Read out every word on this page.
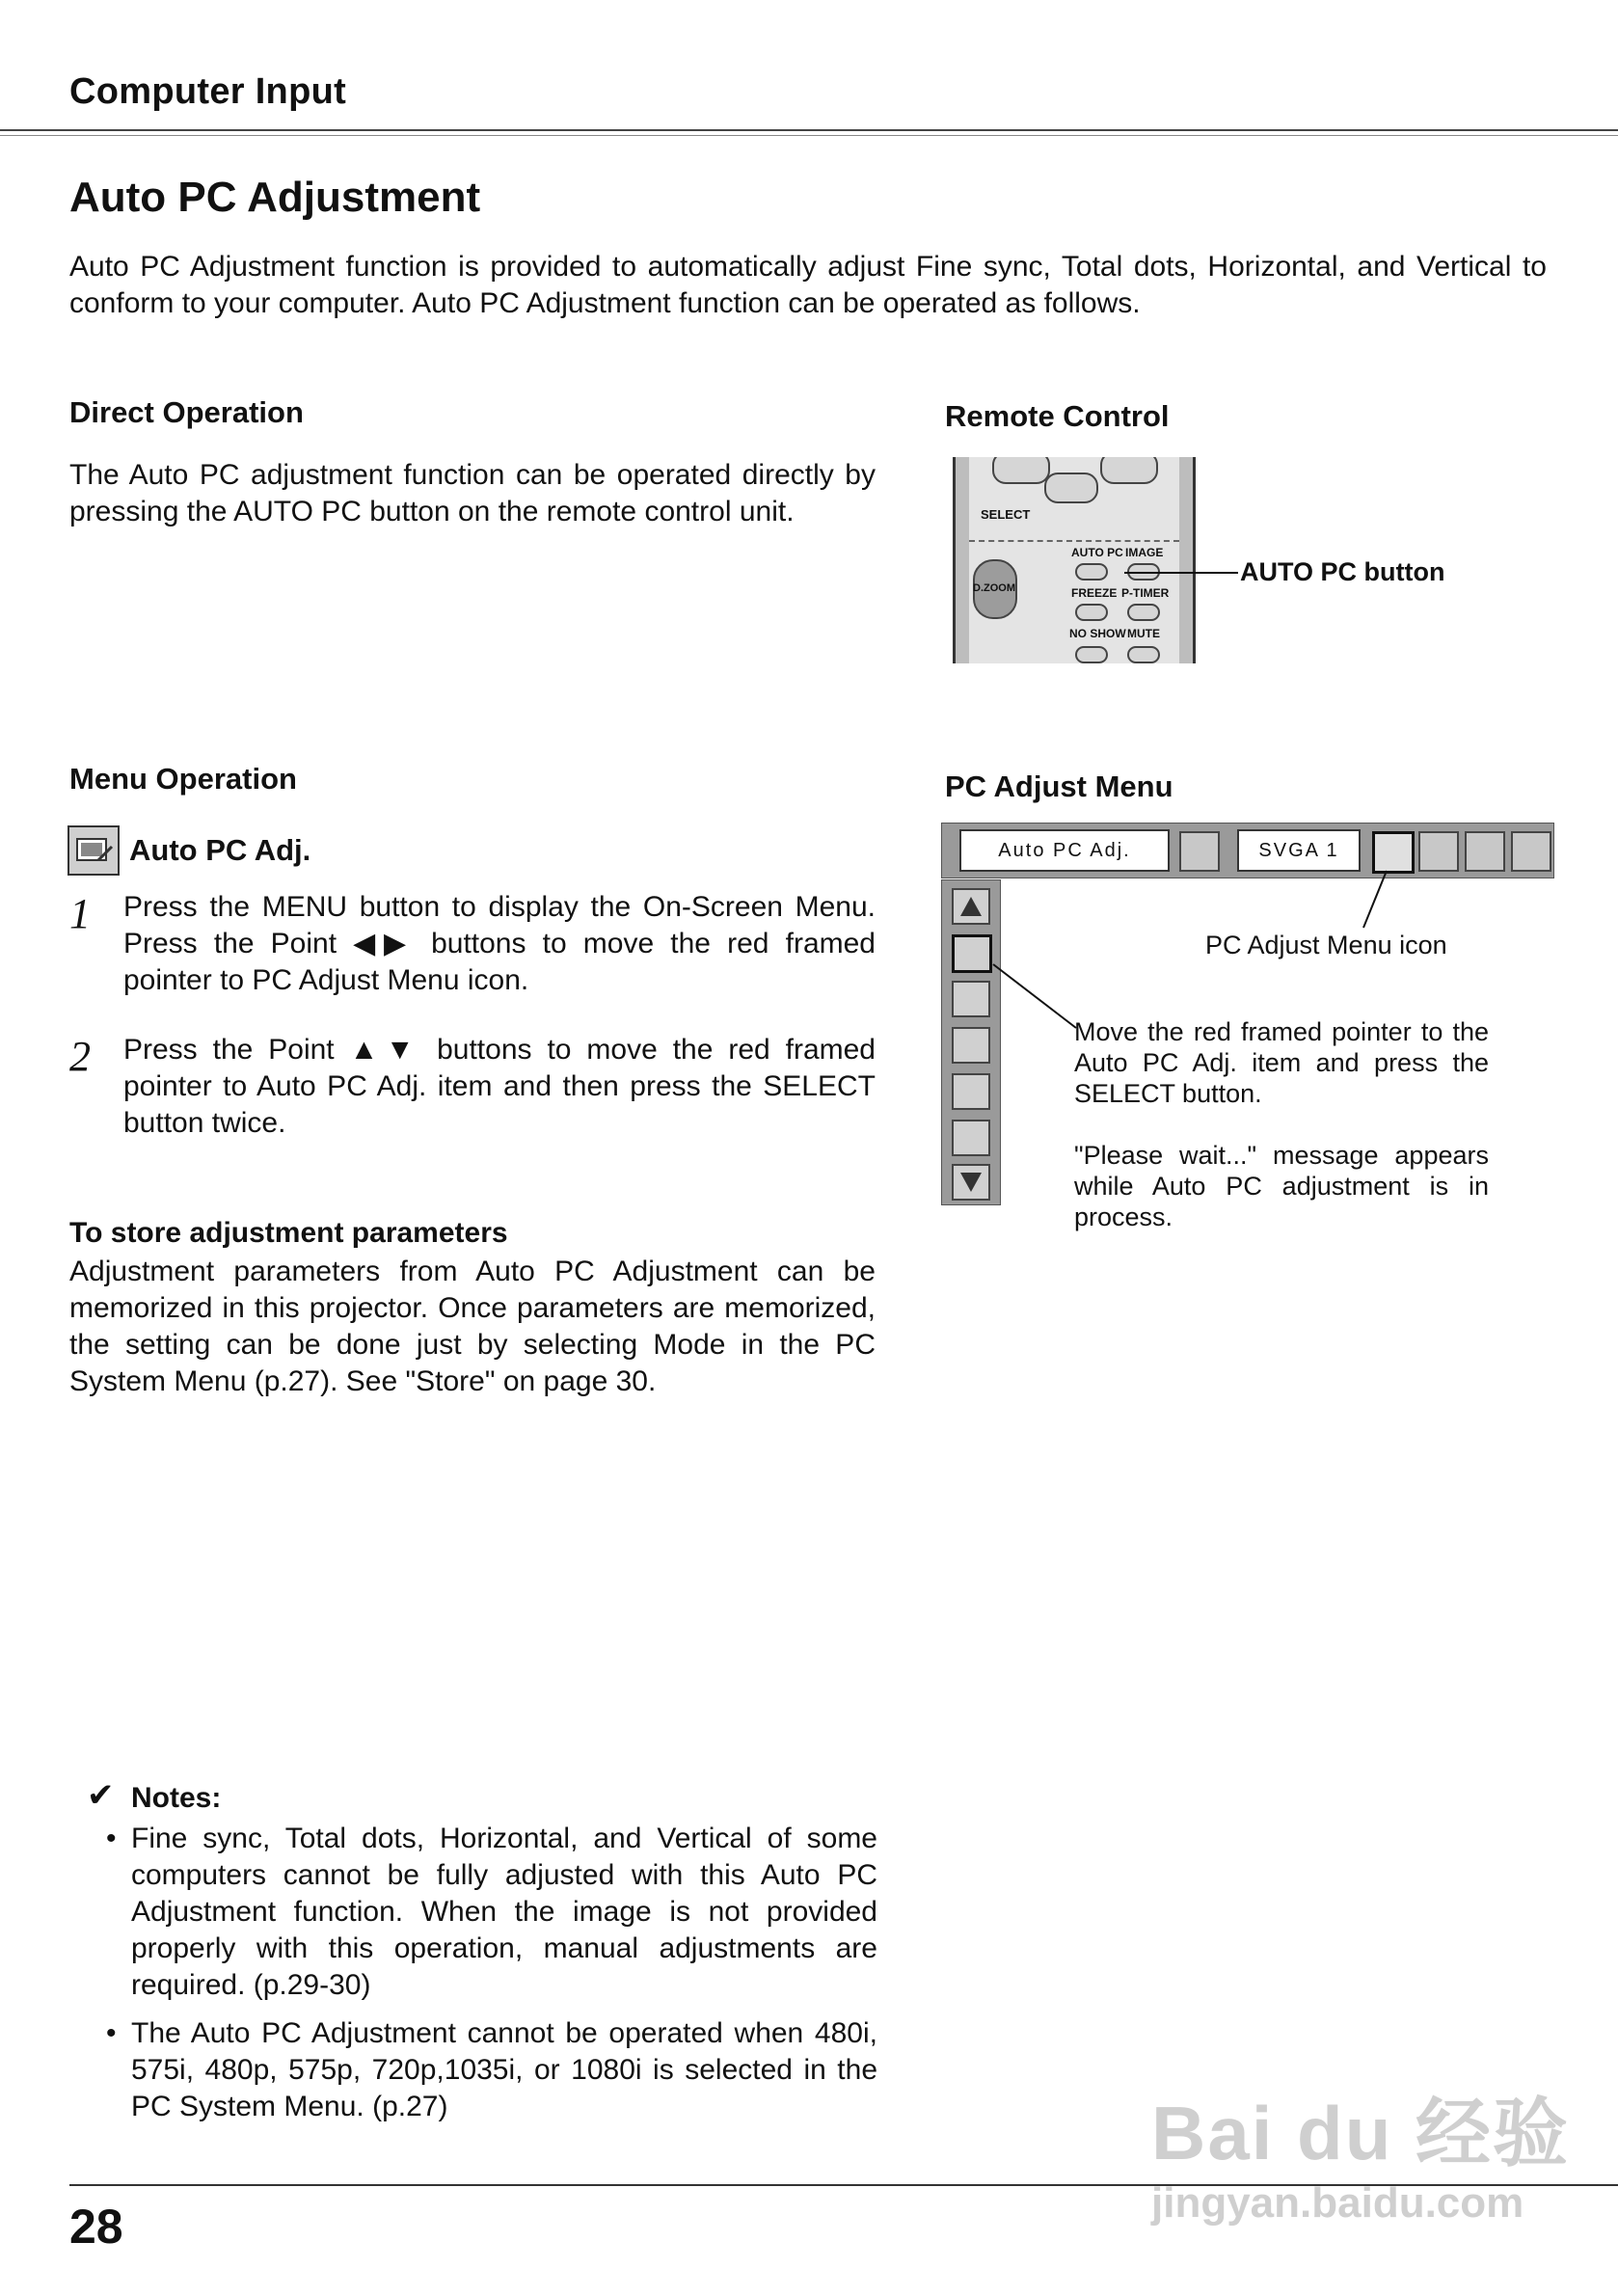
Computer Input
Auto PC Adjustment
Auto PC Adjustment function is provided to automatically adjust Fine sync, Total dots, Horizontal, and Vertical to conform to your computer. Auto PC Adjustment function can be operated as follows.
Direct Operation
The Auto PC adjustment function can be operated directly by pressing the AUTO PC button on the remote control unit.
Remote Control
SELECT
AUTO PC IMAGE
D.ZOOM	FREEZE P-TIMER
NO SHOW MUTE
AUTO PC button
Menu Operation
Auto PC Adj.
1 Press the MENU button to display the On-Screen Menu. Press the Point ◀▶ buttons to move the red framed pointer to PC Adjust Menu icon.
2 Press the Point ▲▼ buttons to move the red framed pointer to Auto PC Adj. item and then press the SELECT button twice.
PC Adjust Menu
Auto PC Adj.	SVGA 1
PC Adjust Menu icon
Move the red framed pointer to the Auto PC Adj. item and press the SELECT button.
"Please wait..." message appears while Auto PC adjustment is in process.
To store adjustment parameters
Adjustment parameters from Auto PC Adjustment can be memorized in this projector. Once parameters are memorized, the setting can be done just by selecting Mode in the PC System Menu (p.27). See "Store" on page 30.
✔ Notes:
• Fine sync, Total dots, Horizontal, and Vertical of some computers cannot be fully adjusted with this Auto PC Adjustment function. When the image is not provided properly with this operation, manual adjustments are required. (p.29-30)
• The Auto PC Adjustment cannot be operated when 480i, 575i, 480p, 575p, 720p,1035i, or 1080i is selected in the PC System Menu. (p.27)
28
Bai du 经验
jingyan.baidu.com
